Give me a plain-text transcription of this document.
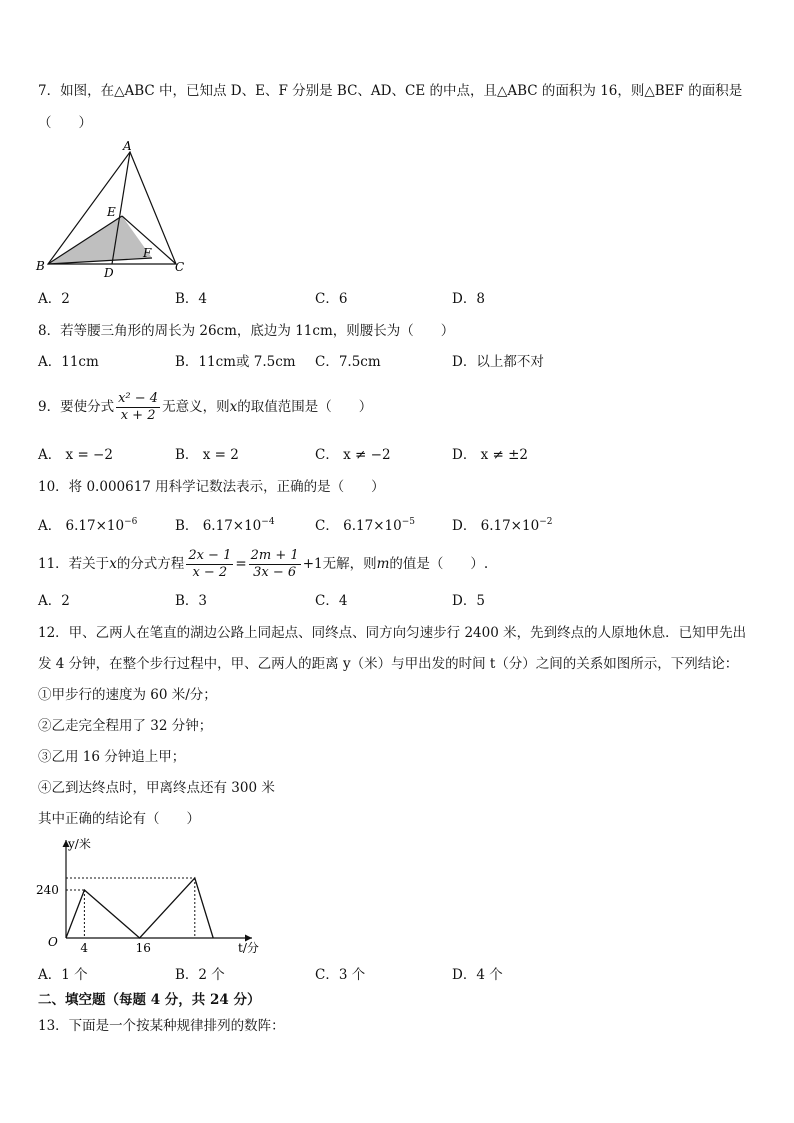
7．如图，在△ABC 中，已知点 D、E、F 分别是 BC、AD、CE 的中点，且△ABC 的面积为 16，则△BEF 的面积是
（　　）
A
B	C
D
E
F
A．2	B．4	C．6	D．8
8．若等腰三角形的周长为 26cm，底边为 11cm，则腰长为（　　）
A．11cm	B．11cm或 7.5cm C．7.5cm	D．以上都不对
9．要使分式 $\frac{\text{x² − 4}}{x + 2}$ 无意义，则x的取值范围是（　　）
A． x = −2	B． x = 2	C． x ≠ −2	D． x ≠ ±2
10．将 0.000617 用科学记数法表示，正确的是（　　）
A． $6.17\times 10^{-6}$	B． $6.17\times 10^{-4}$	C． $6.17\times 10^{-5}$	D． $6.17\times 10^{-2}$
11．若关于x的分式方程 $\frac{2x - 1}{x - 2} = \frac{2m + 1}{3x - 6} +1$无解，则m的值是（　　）.
A．2	B．3	C．4	D．5
12．甲、乙两人在笔直的湖边公路上同起点、同终点、同方向匀速步行 2400 米，先到终点的人原地休息．已知甲先出
发 4 分钟，在整个步行过程中，甲、乙两人的距离 y（米）与甲出发的时间 t（分）之间的关系如图所示，下列结论：
①甲步行的速度为 60 米/分；
②乙走完全程用了 32 分钟；
③乙用 16 分钟追上甲；
④乙到达终点时，甲离终点还有 300 米
其中正确的结论有（　　）
y/米
t/分
O 4	16
240
A．1 个	B．2 个	C．3 个	D．4 个
二、填空题（每题 4 分，共 24 分）
13．下面是一个按某种规律排列的数阵：
